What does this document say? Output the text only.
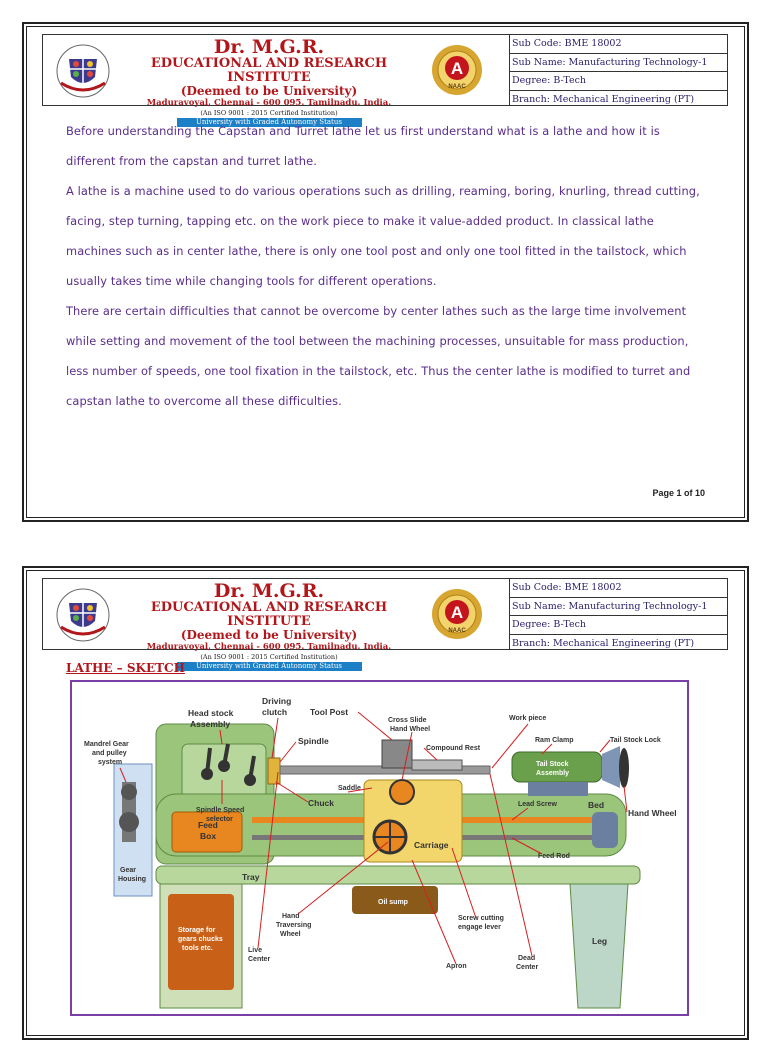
Dr. M.G.R.
EDUCATIONAL AND RESEARCH INSTITUTE
(Deemed to be University)
Maduravoyal, Chennai - 600 095. Tamilnadu. India.
(An ISO 9001 : 2015 Certified Institution)
University with Graded Autonomy Status
A
NAAC
Sub Code: BME 18002
Sub Name: Manufacturing Technology-1
Degree: B-Tech
Branch: Mechanical Engineering (PT)

Before understanding the Capstan and Turret lathe let us first understand what is a lathe and how it is different from the capstan and turret lathe.

A lathe is a machine used to do various operations such as drilling, reaming, boring, knurling, thread cutting, facing, step turning, tapping etc. on the work piece to make it value-added product. In classical lathe machines such as in center lathe, there is only one tool post and only one tool fitted in the tailstock, which usually takes time while changing tools for different operations.

There are certain difficulties that cannot be overcome by center lathes such as the large time involvement while setting and movement of the tool between the machining processes, unsuitable for mass production, less number of speeds, one tool fixation in the tailstock, etc. Thus the center lathe is modified to turret and capstan lathe to overcome all these difficulties.

Page 1 of 10
Dr. M.G.R.
EDUCATIONAL AND RESEARCH INSTITUTE
(Deemed to be University)
Maduravoyal, Chennai - 600 095. Tamilnadu. India.
(An ISO 9001 : 2015 Certified Institution)
University with Graded Autonomy Status
A
NAAC
Sub Code: BME 18002
Sub Name: Manufacturing Technology-1
Degree: B-Tech
Branch: Mechanical Engineering (PT)
LATHE – SKETCH
Head stock
Assembly
Driving
clutch	Tool Post
Cross Slide
Hand Wheel
Work piece
Ram Clamp	Tail Stock Lock
Mandrel Gear
and pulley
system
Spindle
Compound Rest
Tail Stock
Assembly
Spindle Speed
selector
Saddle
Chuck
Hand Wheel
Lead Screw	Bed
Feed
Box
Carriage
Feed Rod
Gear
Housing	Tray
Oil sump
Storage for
gears chucks
tools etc.
Hand
Traversing
Wheel
Screw cutting
engage lever
Leg
Live
Center
Apron
Dead
Center
